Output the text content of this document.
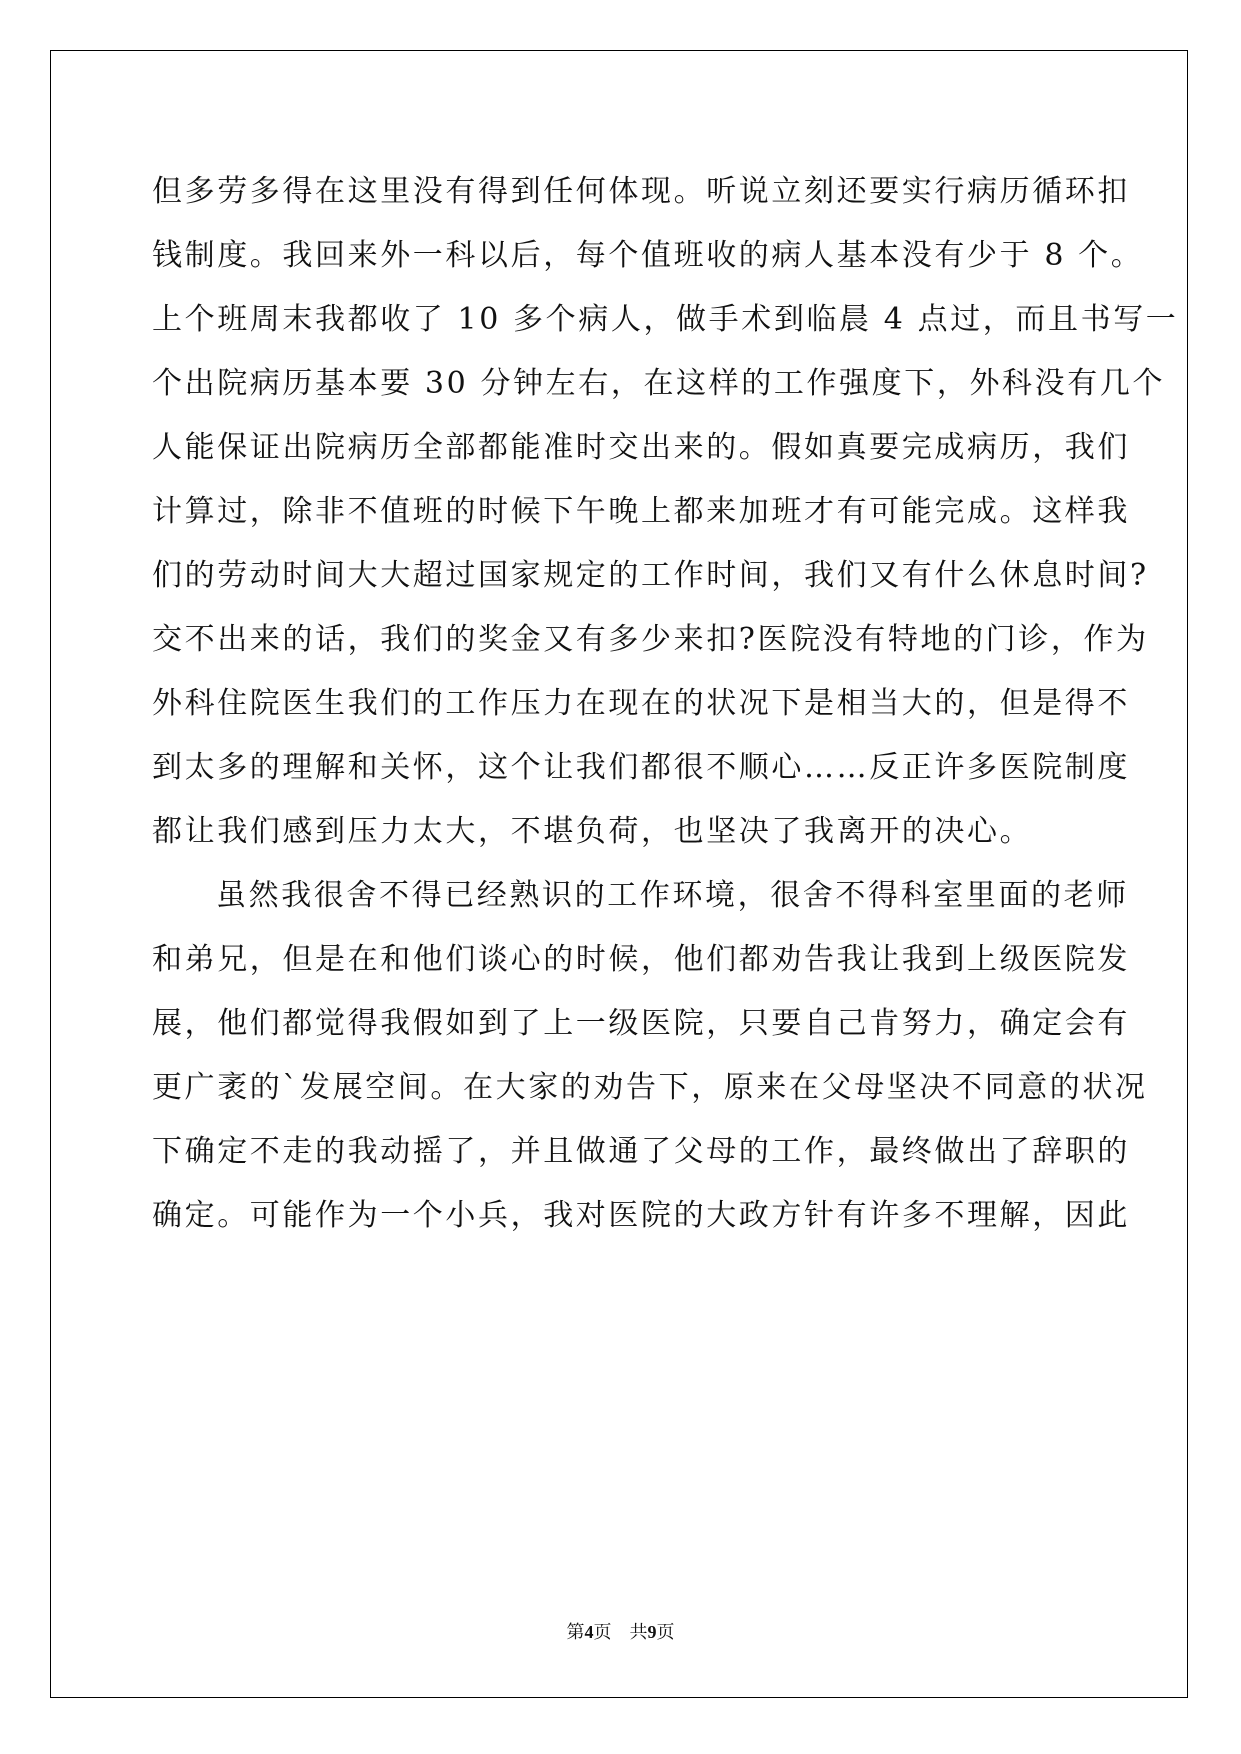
但多劳多得在这里没有得到任何体现。听说立刻还要实行病历循环扣
钱制度。我回来外一科以后，每个值班收的病人基本没有少于 8 个。
上个班周末我都收了 10 多个病人，做手术到临晨 4 点过，而且书写一
个出院病历基本要 30 分钟左右，在这样的工作强度下，外科没有几个
人能保证出院病历全部都能准时交出来的。假如真要完成病历，我们
计算过，除非不值班的时候下午晚上都来加班才有可能完成。这样我
们的劳动时间大大超过国家规定的工作时间，我们又有什么休息时间?
交不出来的话，我们的奖金又有多少来扣?医院没有特地的门诊，作为
外科住院医生我们的工作压力在现在的状况下是相当大的，但是得不
到太多的理解和关怀，这个让我们都很不顺心……反正许多医院制度
都让我们感到压力太大，不堪负荷，也坚决了我离开的决心。
虽然我很舍不得已经熟识的工作环境，很舍不得科室里面的老师
和弟兄，但是在和他们谈心的时候，他们都劝告我让我到上级医院发
展，他们都觉得我假如到了上一级医院，只要自己肯努力，确定会有
更广袤的`发展空间。在大家的劝告下，原来在父母坚决不同意的状况
下确定不走的我动摇了，并且做通了父母的工作，最终做出了辞职的
确定。可能作为一个小兵，我对医院的大政方针有许多不理解，因此
第4页 共9页
